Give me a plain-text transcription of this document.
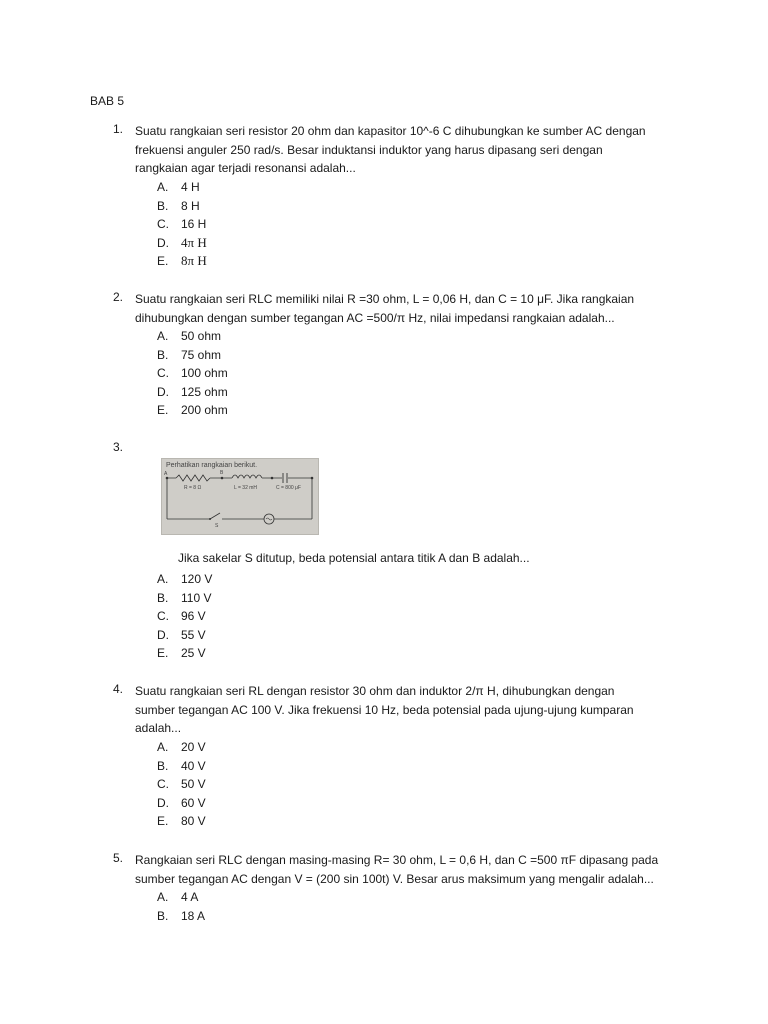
BAB 5
1. Suatu rangkaian seri resistor 20 ohm dan kapasitor 10^-6 C dihubungkan ke sumber AC dengan
frekuensi anguler 250 rad/s. Besar induktansi induktor yang harus dipasang seri dengan
rangkaian agar terjadi resonansi adalah...
A.	4 H
B.	8 H
C.	16 H
D. 4π H
E. 8π H
2. Suatu rangkaian seri RLC memiliki nilai R =30 ohm, L = 0,06 H, dan C = 10 μF. Jika rangkaian
dihubungkan dengan sumber tegangan AC =500/π Hz, nilai impedansi rangkaian adalah...
A.	50 ohm
B.	75 ohm
C.	100 ohm
D.	125 ohm
E.	200 ohm
3.
Perhatikan rangkaian berikut.
A	B
R = 8 Ω	L = 32 mH	C = 800 μF
S
Jika sakelar S ditutup, beda potensial antara titik A dan B adalah...
A.	120 V
B.	110 V
C.	96 V
D.	55 V
E.	25 V
4. Suatu rangkaian seri RL dengan resistor 30 ohm dan induktor 2/π H, dihubungkan dengan
sumber tegangan AC 100 V. Jika frekuensi 10 Hz, beda potensial pada ujung-ujung kumparan
adalah...
A.	20 V
B.	40 V
C.	50 V
D.	60 V
E.	80 V
5. Rangkaian seri RLC dengan masing-masing R= 30 ohm, L = 0,6 H, dan C =500 πF dipasang pada
sumber tegangan AC dengan V = (200 sin 100t) V. Besar arus maksimum yang mengalir adalah...
A.	4 A
B.	18 A
